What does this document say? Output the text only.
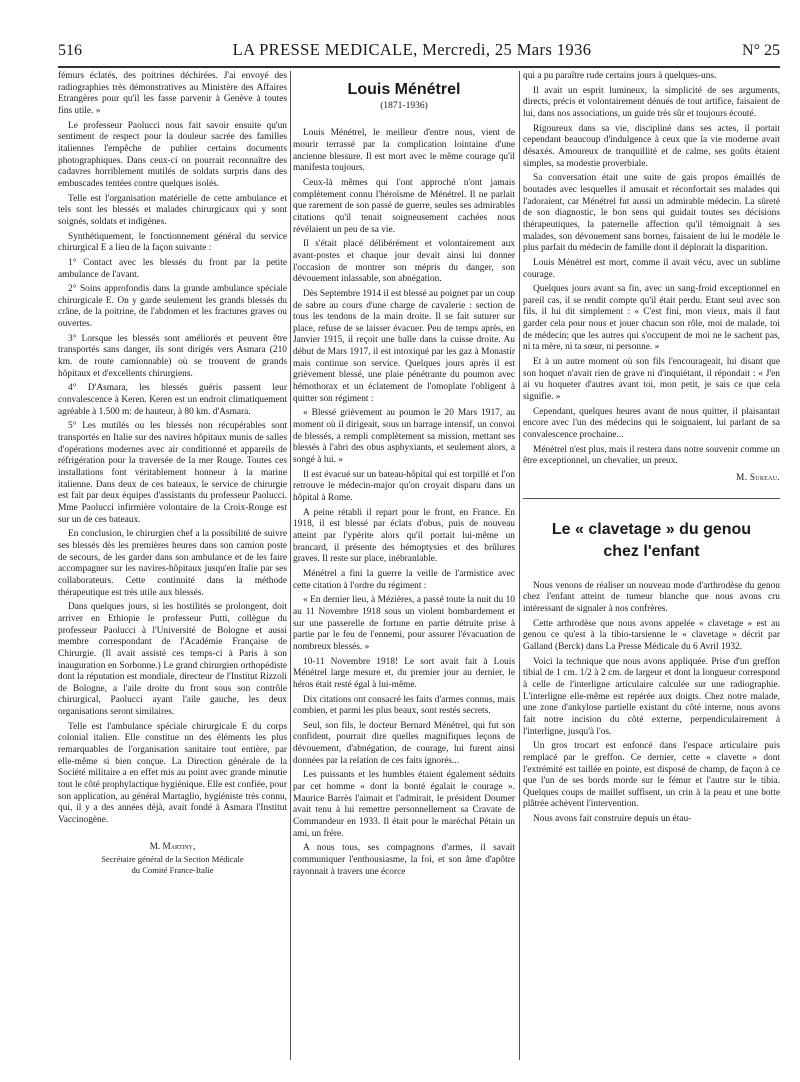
516	LA PRESSE MEDICALE, Mercredi, 25 Mars 1936	N° 25

fémurs éclatés, des poitrines déchirées. J'ai envoyé des radiographies très démonstratives au Ministère des Affaires Etrangères pour qu'il les fasse parvenir à Genève à toutes fins utile. »

Le professeur Paolucci nous fait savoir ensuite qu'un sentiment de respect pour la douleur sacrée des familles italiennes l'empêche de publier certains documents photographiques. Dans ceux-ci on pourrait reconnaître des cadavres horriblement mutilés de soldats surpris dans des embuscades tentées contre quelques isolés.

Telle est l'organisation matérielle de cette ambulance et tels sont les blessés et malades chirurgicaux qui y sont soignés, soldats et indigènes.

Synthétiquement, le fonctionnement général du service chirurgical E a lieu de la façon suivante :

1° Contact avec les blessés du front par la petite ambulance de l'avant.

2° Soins approfondis dans la grande ambulance spéciale chirurgicale E. On y garde seulement les grands blessés du crâne, de la poitrine, de l'abdomen et les fractures graves ou ouvertes.

3° Lorsque les blessés sont améliorés et peuvent être transportés sans danger, ils sont dirigés vers Asmara (210 km. de route camionnable) où se trouvent de grands hôpitaux et d'excellents chirurgiens.

4° D'Asmara, les blessés guéris passent leur convalescence à Keren. Keren est un endroit climatiquement agréable à 1.500 m: de hauteur, à 80 km. d'Asmara.

5° Les mutilés ou les blessés non récupérables sont transportés en Italie sur des navires hôpitaux munis de salles d'opérations modernes avec air conditionné et appareils de réfrigération pour la traversée de la mer Rouge. Toutes ces installations font véritablement honneur à la marine italienne. Dans deux de ces bateaux, le service de chirurgie est fait par deux équipes d'assistants du professeur Paolucci. Mme Paolucci infirmière volontaire de la Croix-Rouge est sur un de ces bateaux.

En conclusion, le chirurgien chef a la possibilité de suivre ses blessés dès les premières heures dans son camion poste de secours, de les garder dans son ambulance et de les faire accompagner sur les navires-hôpitaux jusqu'en Italie par ses collaborateurs. Cette continuité dans la méthode thérapeutique est très utile aux blessés.

Dans quelques jours, si les hostilités se prolongent, doit arriver en Ethiopie le professeur Putti, collègue du professeur Paolucci à l'Université de Bologne et aussi membre correspondant de l'Académie Française de Chirurgie. (Il avait assisté ces temps-ci à Paris à son inauguration en Sorbonne.) Le grand chirurgien orthopédiste dont la réputation est mondiale, directeur de l'Institut Rizzoli de Bologne, a l'aile droite du front sous son contrôle chirurgical, Paolucci ayant l'aile gauche, les deux organisations seront similaires.

Telle est l'ambulance spéciale chirurgicale E du corps colonial italien. Elle constitue un des éléments les plus remarquables de l'organisation sanitaire tout entière, par elle-même si bien conçue. La Direction générale de la Société militaire a en effet mis au point avec grande minutie tout le côté prophylactique hygiénique. Elle est confiée, pour son application, au général Martaglio, hygiéniste très connu, qui, il y a des années déjà, avait fondé à Asmara l'Institut Vaccinogène.

M. Martiny,
Secrétaire général de la Section Médicale
du Comité France-Italie
Louis Ménétrel
(1871-1936)

Louis Ménétrel, le meilleur d'entre nous, vient de mourir terrassé par la complication lointaine d'une ancienne blessure. Il est mort avec le même courage qu'il manifesta toujours.

Ceux-là mêmes qui l'ont approché n'ont jamais complètement connu l'héroïsme de Ménétrel. Il ne parlait que rarement de son passé de guerre, seules ses admirables citations qu'il tenait soigneusement cachées nous révélaient un peu de sa vie.

Il s'était placé délibérément et volontairement aux avant-postes et chaque jour devait ainsi lui donner l'occasion de montrer son mépris du danger, son dévouement inlassable, son abnégation.

Dès Septembre 1914 il est blessé au poignet par un coup de sabre au cours d'une charge de cavalerie : section de tous les tendons de la main droite. Il se fait suturer sur place, refuse de se laisser évacuer. Peu de temps après, en Janvier 1915, il reçoit une balle dans la cuisse droite. Au début de Mars 1917, il est intoxiqué par les gaz à Monastir mais continue son service. Quelques jours après il est grièvement blessé, une plaie pénétrante du poumon avec hémothorax et un éclatement de l'omoplate l'obligent à quitter son régiment :

« Blessé grièvement au poumon le 20 Mars 1917, au moment où il dirigeait, sous un barrage intensif, un convoi de blessés, a rempli complètement sa mission, mettant ses blessés à l'abri des obus asphyxiants, et seulement alors, a songé à lui. »

Il est évacué sur un bateau-hôpital qui est torpillé et l'on retrouve le médecin-major qu'on croyait disparu dans un hôpital à Rome.

A peine rétabli il repart pour le front, en France. En 1918, il est blessé par éclats d'obus, puis de nouveau atteint par l'ypérite alors qu'il portait lui-même un brancard, il présente des hémoptysies et des brûlures graves. Il reste sur place, inébranlable.

Ménétrel a fini la guerre la veille de l'armistice avec cette citation à l'ordre du régiment :

« En dernier lieu, à Mézières, a passé toute la nuit du 10 au 11 Novembre 1918 sous un violent bombardement et sur une passerelle de fortune en partie détruite prise à partie par le feu de l'ennemi, pour assurer l'évacuation de nombreux blessés. »

10-11 Novembre 1918! Le sort avait fait à Louis Ménétrel large mesure et, du premier jour au dernier, le héros était resté égal à lui-même.

Dix citations ont consacré les faits d'armes connus, mais combien, et parmi les plus beaux, sont restés secrets.

Seul, son fils, le docteur Bernard Ménétrel, qui fut son confident, pourrait dire quelles magnifiques leçons de dévouement, d'abnégation, de courage, lui furent ainsi données par la relation de ces faits ignorés...

Les puissants et les humbles étaient également séduits par cet homme « dont la bonté égalait le courage ». Maurice Barrès l'aimait et l'admirait, le président Doumer avait tenu à lui remettre personnellement sa Cravate de Commandeur en 1933. Il était pour le maréchal Pétain un ami, un frère.

A nous tous, ses compagnons d'armes, il savait communiquer l'enthousiasme, la foi, et son âme d'apôtre rayonnait à travers une écorce

qui a pu paraître rude certains jours à quelques-uns.

Il avait un esprit lumineux, la simplicité de ses arguments, directs, précis et volontairement dénués de tout artifice, faisaient de lui, dans nos associations, un guide très sûr et toujours écouté.

Rigoureux dans sa vie, discipliné dans ses actes, il portait cependant beaucoup d'indulgence à ceux que la vie moderne avait désaxés. Amoureux de tranquillité et de calme, ses goûts étaient simples, sa modestie proverbiale.

Sa conversation était une suite de gais propos émaillés de boutades avec lesquelles il amusait et réconfortait ses malades qui l'adoraient, car Ménétrel fut aussi un admirable médecin. La sûreté de son diagnostic, le bon sens qui guidait toutes ses décisions thérapeutiques, la paternelle affection qu'il témoignait à ses malades, son dévouement sans bornes, faisaient de lui le modèle le plus parfait du médecin de famille dont il déplorait la disparition.

Louis Ménétrel est mort, comme il avait vécu, avec un sublime courage.

Quelques jours avant sa fin, avec un sang-froid exceptionnel en pareil cas, il se rendit compte qu'il était perdu. Etant seul avec son fils, il lui dit simplement : « C'est fini, mon vieux, mais il faut garder cela pour nous et jouer chacun son rôle, moi de malade, toi de médecin; que les autres qui s'occupent de moi ne le sachent pas, ni ta mère, ni ta sœur, ni personne. »

Et à un autre moment où son fils l'encourageait, lui disant que son hoquet n'avait rien de grave ni d'inquiétant, il répondait : « J'en ai vu hoqueter d'autres avant toi, mon petit, je sais ce que cela signifie. »

Cependant, quelques heures avant de nous quitter, il plaisantait encore avec l'un des médecins qui le soignaient, lui parlant de sa convalescence prochaine...

Ménétrel n'est plus, mais il restera dans notre souvenir comme un être exceptionnel, un chevalier, un preux.

M. Sureau.
Le « clavetage » du genou
chez l'enfant

Nous venons de réaliser un nouveau mode d'arthrodèse du genou chez l'enfant atteint de tumeur blanche que nous avons cru intéressant de signaler à nos confrères.

Cette arthrodèse que nous avons appelée « clavetage » est au genou ce qu'est à la tibio-tarsienne le « clavetage » décrit par Galland (Berck) dans La Presse Médicale du 6 Avril 1932.

Voici la technique que nous avons appliquée. Prise d'un greffon tibial de 1 cm. 1/2 à 2 cm. de largeur et dont la longueur correspond à celle de l'interligne articulaire calculée sur une radiographie. L'interligne elle-même est repérée aux doigts. Chez notre malade, une zone d'ankylose partielle existant du côté interne, nous avons fait notre incision du côté externe, perpendiculairement à l'interligne, jusqu'à l'os.

Un gros trocart est enfoncé dans l'espace articulaire puis remplacé par le greffon. Ce dernier, cette « clavette » dont l'extrémité est taillée en pointe, est disposé de champ, de façon à ce que l'un de ses bords morde sur le fémur et l'autre sur le tibia. Quelques coups de maillet suffisent, un crin à la peau et une botte plâtrée achèvent l'intervention.

Nous avons fait construire depuis un étau-
